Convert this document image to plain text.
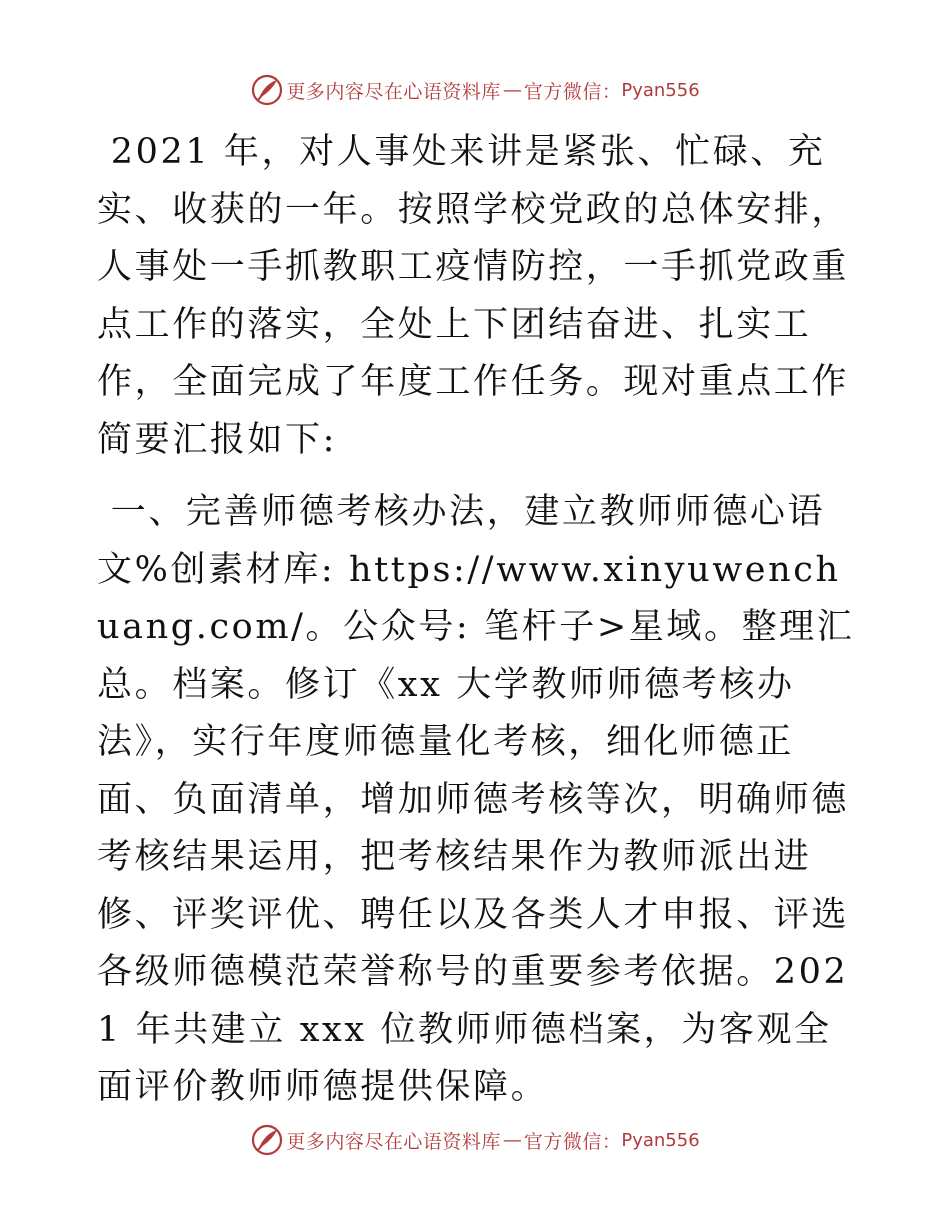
更多内容尽在心语资料库 — 官方微信： Pyan556

2021 年，对人事处来讲是紧张、忙碌、充实、收获的一年。按照学校党政的总体安排，人事处一手抓教职工疫情防控，一手抓党政重点工作的落实，全处上下团结奋进、扎实工作，全面完成了年度工作任务。现对重点工作简要汇报如下:

一、完善师德考核办法，建立教师师德心语文%创素材库: https://www.xinyuwenchuang.com/。公众号: 笔杆子>星域。整理汇总。档案。修订《xx 大学教师师德考核办法》，实行年度师德量化考核，细化师德正面、负面清单，增加师德考核等次，明确师德考核结果运用，把考核结果作为教师派出进修、评奖评优、聘任以及各类人才申报、评选各级师德模范荣誉称号的重要参考依据。2021 年共建立 xxx 位教师师德档案，为客观全面评价教师师德提供保障。

更多内容尽在心语资料库 — 官方微信： Pyan556
